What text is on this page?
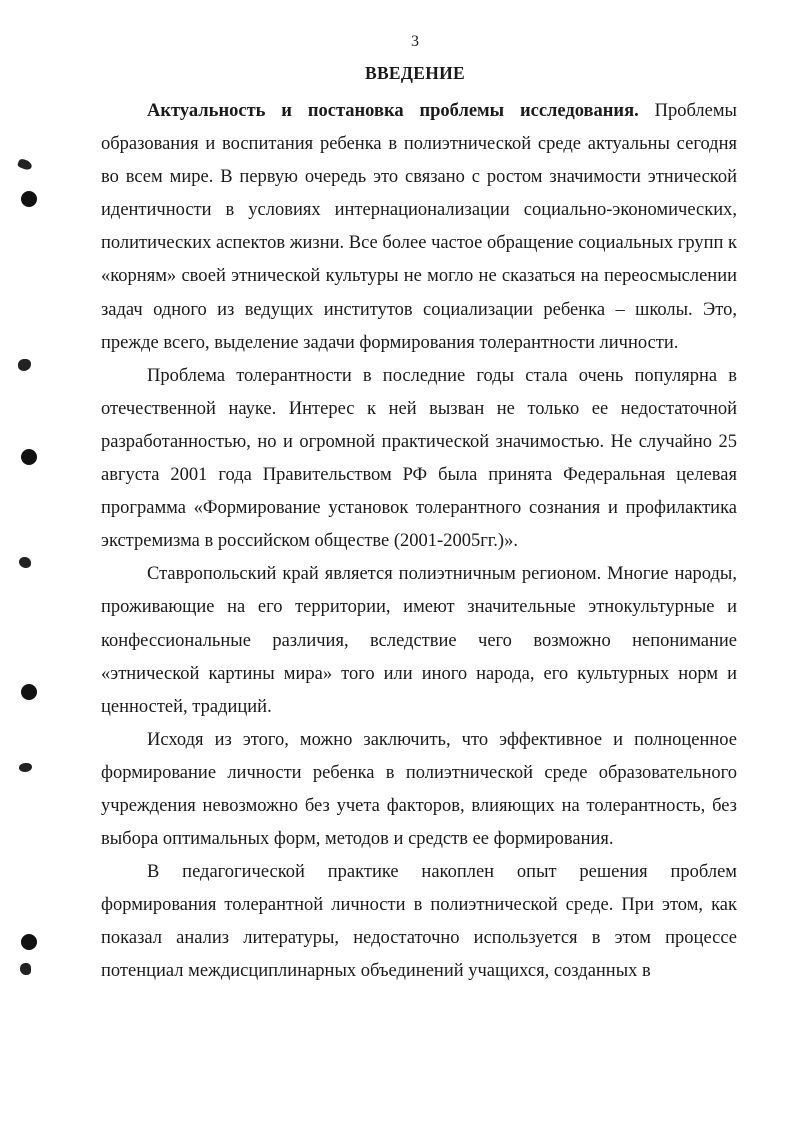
3
ВВЕДЕНИЕ

Актуальность и постановка проблемы исследования. Проблемы образования и воспитания ребенка в полиэтнической среде актуальны сегодня во всем мире. В первую очередь это связано с ростом значимости этнической идентичности в условиях интернационализации социально-экономических, политических аспектов жизни. Все более частое обращение социальных групп к «корням» своей этнической культуры не могло не сказаться на переосмыслении задач одного из ведущих институтов социализации ребенка – школы. Это, прежде всего, выделение задачи формирования толерантности личности.

Проблема толерантности в последние годы стала очень популярна в отечественной науке. Интерес к ней вызван не только ее недостаточной разработанностью, но и огромной практической значимостью. Не случайно 25 августа 2001 года Правительством РФ была принята Федеральная целевая программа «Формирование установок толерантного сознания и профилактика экстремизма в российском обществе (2001-2005гг.)».

Ставропольский край является полиэтничным регионом. Многие народы, проживающие на его территории, имеют значительные этнокультурные и конфессиональные различия, вследствие чего возможно непонимание «этнической картины мира» того или иного народа, его культурных норм и ценностей, традиций.

Исходя из этого, можно заключить, что эффективное и полноценное формирование личности ребенка в полиэтнической среде образовательного учреждения невозможно без учета факторов, влияющих на толерантность, без выбора оптимальных форм, методов и средств ее формирования.

В педагогической практике накоплен опыт решения проблем формирования толерантной личности в полиэтнической среде. При этом, как показал анализ литературы, недостаточно используется в этом процессе потенциал междисциплинарных объединений учащихся, созданных в
